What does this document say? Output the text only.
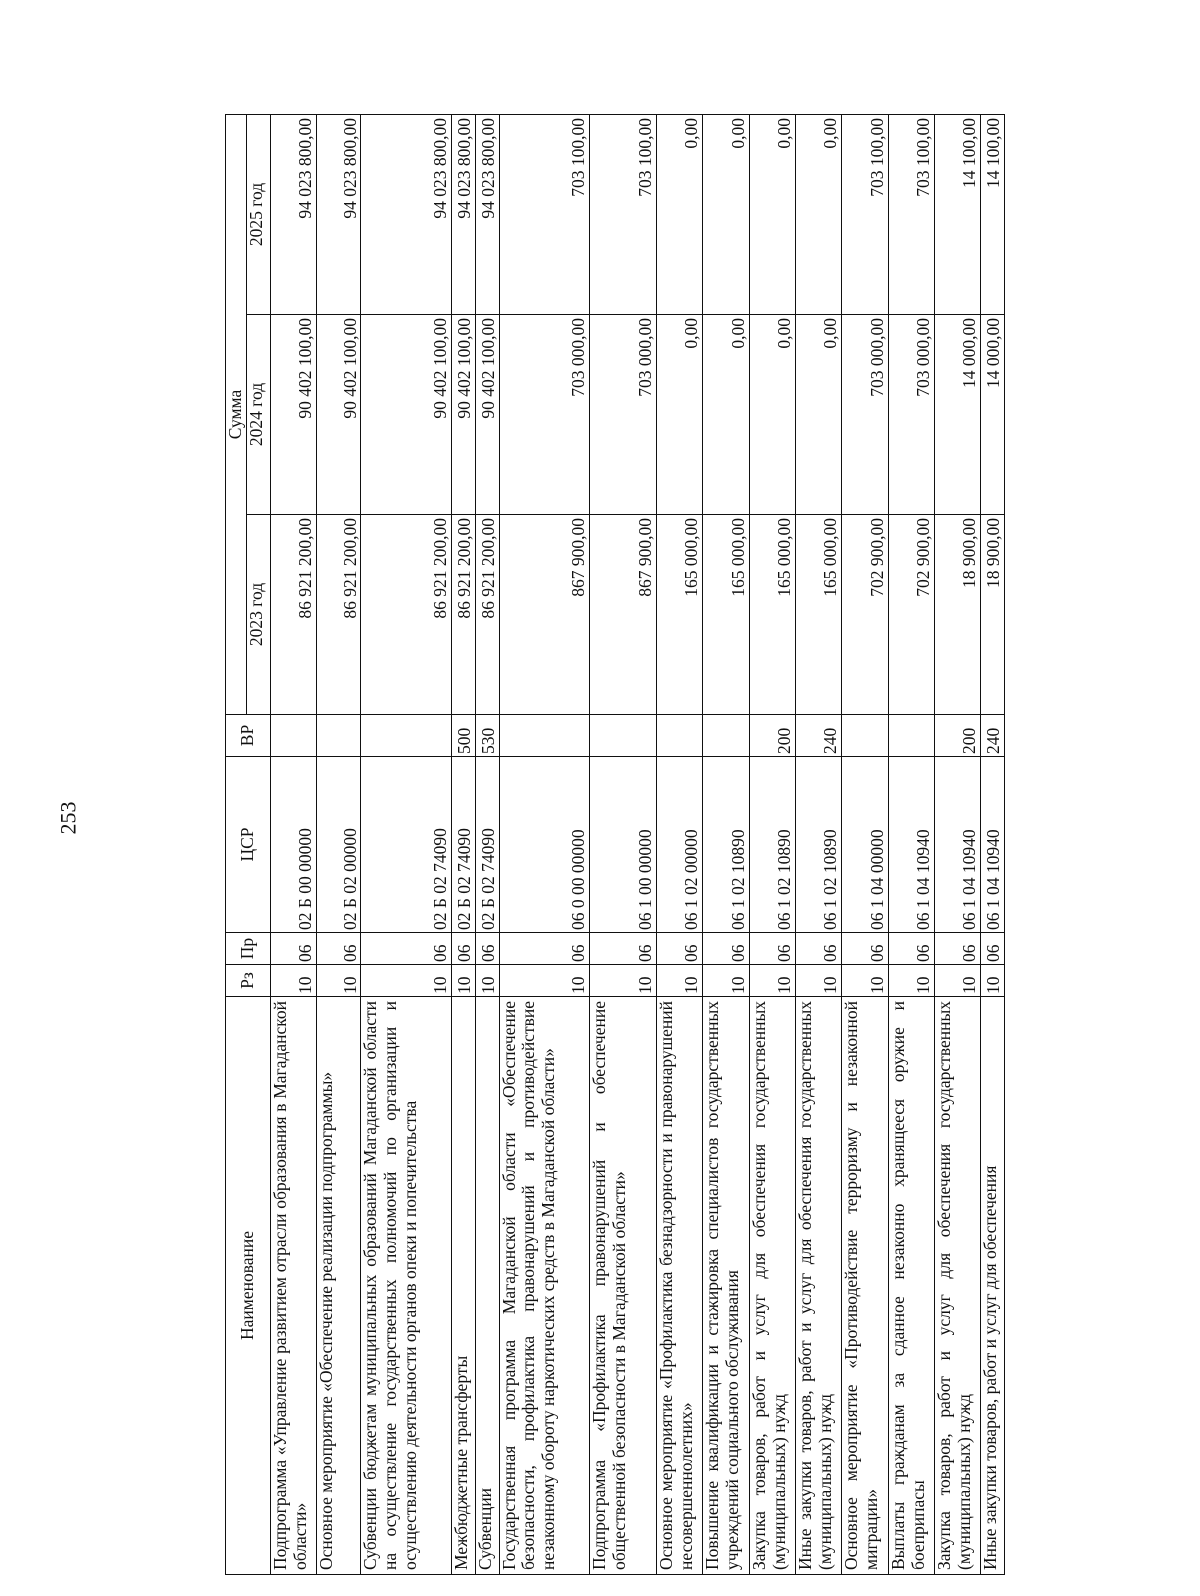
253
Наименование	Рз	Пр	ЦСР	ВР	Сумма		
					2023 год	2024 год	2025 год
Подпрограмма «Управление развитием отрасли образования в Магаданской области»	10	06	02 Б 00 00000		86 921 200,00	90 402 100,00	94 023 800,00
Основное мероприятие «Обеспечение реализации подпрограммы»	10	06	02 Б 02 00000		86 921 200,00	90 402 100,00	94 023 800,00
Субвенции бюджетам муниципальных образований Магаданской области на осуществление государственных полномочий по организации и осуществлению деятельности органов опеки и попечительства	10	06	02 Б 02 74090		86 921 200,00	90 402 100,00	94 023 800,00
Межбюджетные трансферты	10	06	02 Б 02 74090	500	86 921 200,00	90 402 100,00	94 023 800,00
Субвенции	10	06	02 Б 02 74090	530	86 921 200,00	90 402 100,00	94 023 800,00
Государственная программа Магаданской области «Обеспечение безопасности, профилактика правонарушений и противодействие незаконному обороту наркотических средств в Магаданской области»	10	06	06 0 00 00000		867 900,00	703 000,00	703 100,00
Подпрограмма «Профилактика правонарушений и обеспечение общественной безопасности в Магаданской области»	10	06	06 1 00 00000		867 900,00	703 000,00	703 100,00
Основное мероприятие «Профилактика безнадзорности и правонарушений несовершеннолетних»	10	06	06 1 02 00000		165 000,00	0,00	0,00
Повышение квалификации и стажировка специалистов государственных учреждений социального обслуживания	10	06	06 1 02 10890		165 000,00	0,00	0,00
Закупка товаров, работ и услуг для обеспечения государственных (муниципальных) нужд	10	06	06 1 02 10890	200	165 000,00	0,00	0,00
Иные закупки товаров, работ и услуг для обеспечения государственных (муниципальных) нужд	10	06	06 1 02 10890	240	165 000,00	0,00	0,00
Основное мероприятие «Противодействие терроризму и незаконной миграции»	10	06	06 1 04 00000		702 900,00	703 000,00	703 100,00
Выплаты гражданам за сданное незаконно хранящееся оружие и боеприпасы	10	06	06 1 04 10940		702 900,00	703 000,00	703 100,00
Закупка товаров, работ и услуг для обеспечения государственных (муниципальных) нужд	10	06	06 1 04 10940	200	18 900,00	14 000,00	14 100,00
Иные закупки товаров, работ и услуг для обеспечения	10	06	06 1 04 10940	240	18 900,00	14 000,00	14 100,00
